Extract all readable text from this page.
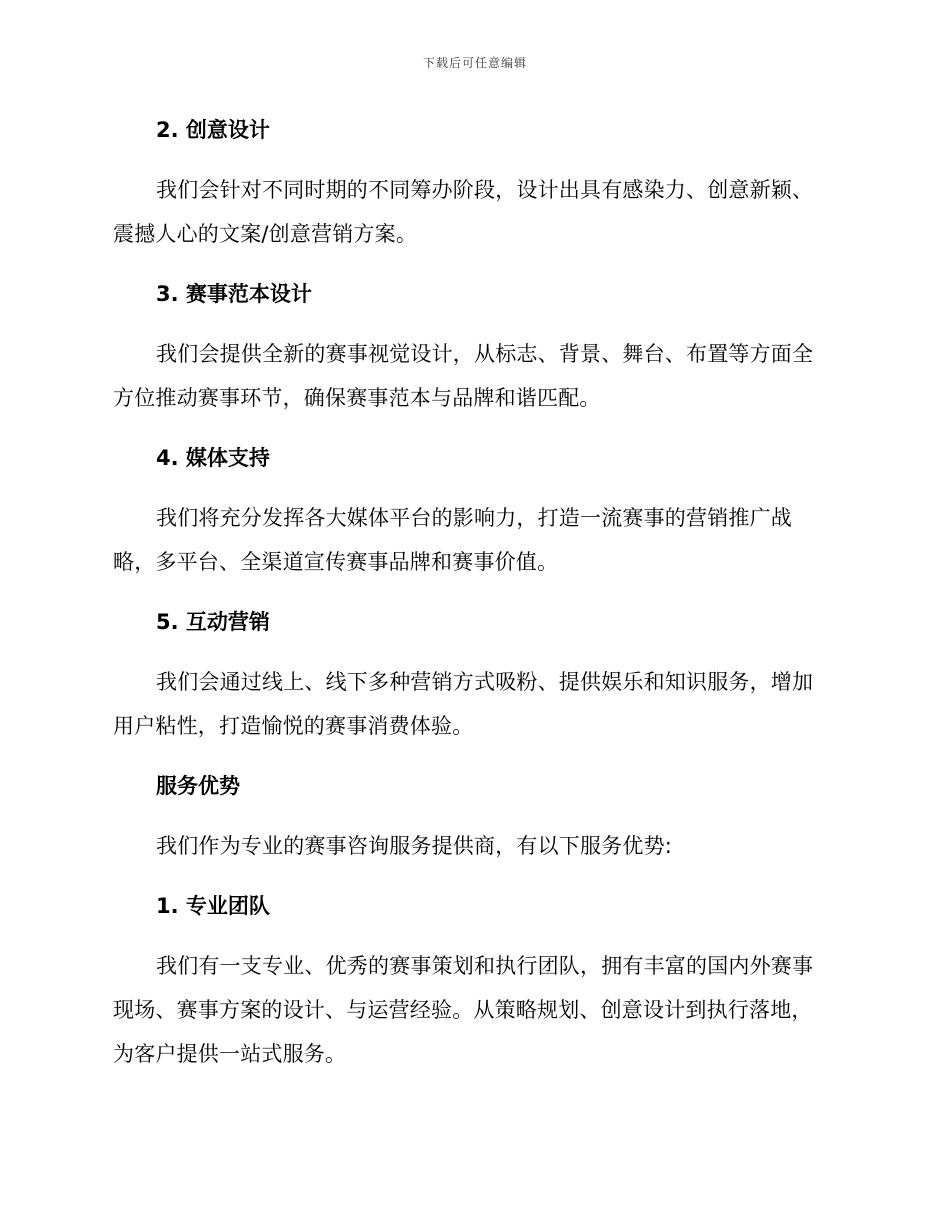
下载后可任意编辑
2. 创意设计

我们会针对不同时期的不同筹办阶段，设计出具有感染力、创意新颖、震撼人心的文案/创意营销方案。

3. 赛事范本设计

我们会提供全新的赛事视觉设计，从标志、背景、舞台、布置等方面全方位推动赛事环节，确保赛事范本与品牌和谐匹配。

4. 媒体支持

我们将充分发挥各大媒体平台的影响力，打造一流赛事的营销推广战略，多平台、全渠道宣传赛事品牌和赛事价值。

5. 互动营销

我们会通过线上、线下多种营销方式吸粉、提供娱乐和知识服务，增加用户粘性，打造愉悦的赛事消费体验。

服务优势

我们作为专业的赛事咨询服务提供商，有以下服务优势:

1. 专业团队

我们有一支专业、优秀的赛事策划和执行团队，拥有丰富的国内外赛事现场、赛事方案的设计、与运营经验。从策略规划、创意设计到执行落地，为客户提供一站式服务。
